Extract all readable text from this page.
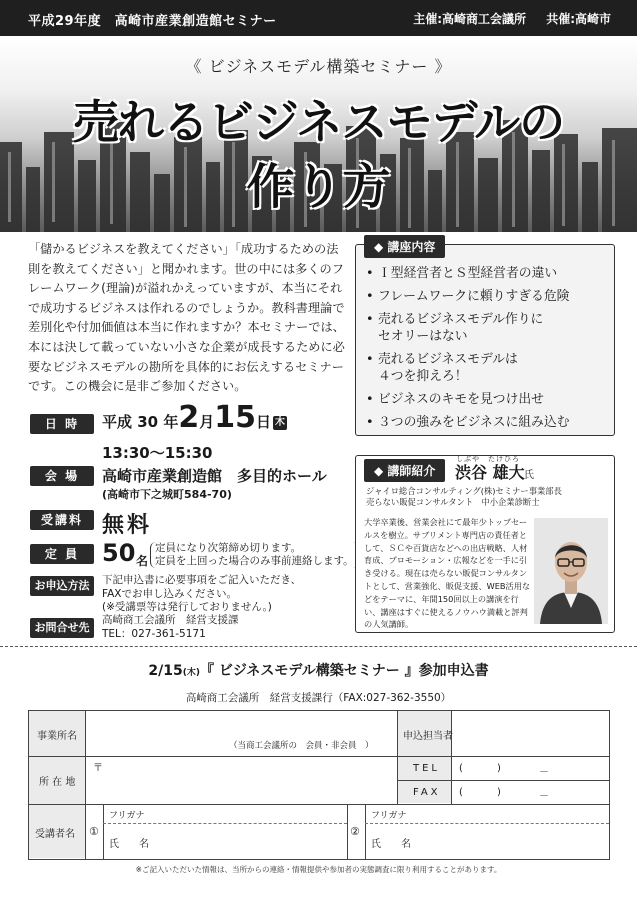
平成29年度　高崎市産業創造館セミナー	主催:高崎商工会議所 共催:高崎市
《 ビジネスモデル構築セミナー 》
売れるビジネスモデルの
作り方
「儲かるビジネスを教えてください」「成功するための法則を教えてください」と聞かれます。世の中には多くのフレームワーク(理論)が溢れかえっていますが、本当にそれで成功するビジネスは作れるのでしょうか。教科書理論で差別化や付加価値は本当に作れますか？本セミナーでは、本には決して載っていない小さな企業が成長するために必要なビジネスモデルの勘所を具体的にお伝えするセミナーです。この機会に是非ご参加ください。
◆ 講座内容
• Ｉ型経営者とＳ型経営者の違い
• フレームワークに頼りすぎる危険
• 売れるビジネスモデル作りに
セオリーはない
• 売れるビジネスモデルは
４つを抑えろ！
• ビジネスのキモを見つけ出せ
• ３つの強みをビジネスに組み込む
日 時	平成 30 年2月15日 木
13:30～15:30
会 場	高崎市産業創造館　多目的ホール
(高崎市下之城町584-70)
受講料 無料
定 員 50 名
定員になり次第締め切ります。
定員を上回った場合のみ事前連絡します。
お申込方法	下記申込書に必要事項をご記入いただき、
FAXでお申し込みください。
(※受講票等は発行しておりません。)
お問合せ先
高崎商工会議所　経営支援課
TEL：027-361-5171
◆ 講師紹介
しぶや　たけひろ
渋谷 雄大 氏
ジャイロ総合コンサルティング(株)セミナー事業部長
売らない販促コンサルタント　中小企業診断士
大学卒業後、営業会社にて最年少トップセールスを樹立。サブリメント専門店の責任者として、ＳＣや百貨店などへの出店戦略、人材育成、プロモーション・広報などを一手に引き受ける。現在は売らない販促コンサルタントとして、営業強化、販促支援、WEB活用などをテーマに、年間150回以上の講演を行い、講座はすぐに使えるノウハウ満載と評判の人気講師。
2/15(木)『 ビジネスモデル構築セミナー 』参加申込書
高崎商工会議所　経営支援課行（FAX:027-362-3550）
事業所名
（当商工会議所の　会員・非会員　）
申込担当者
所 在 地
〒	TEL (	)	－
FAX (	)	－
受講者名 ①
フリガナ
氏　　名
②
フリガナ
氏　　名
※ご記入いただいた情報は、当所からの連絡・情報提供や参加者の実態調査に限り利用することがあります。
